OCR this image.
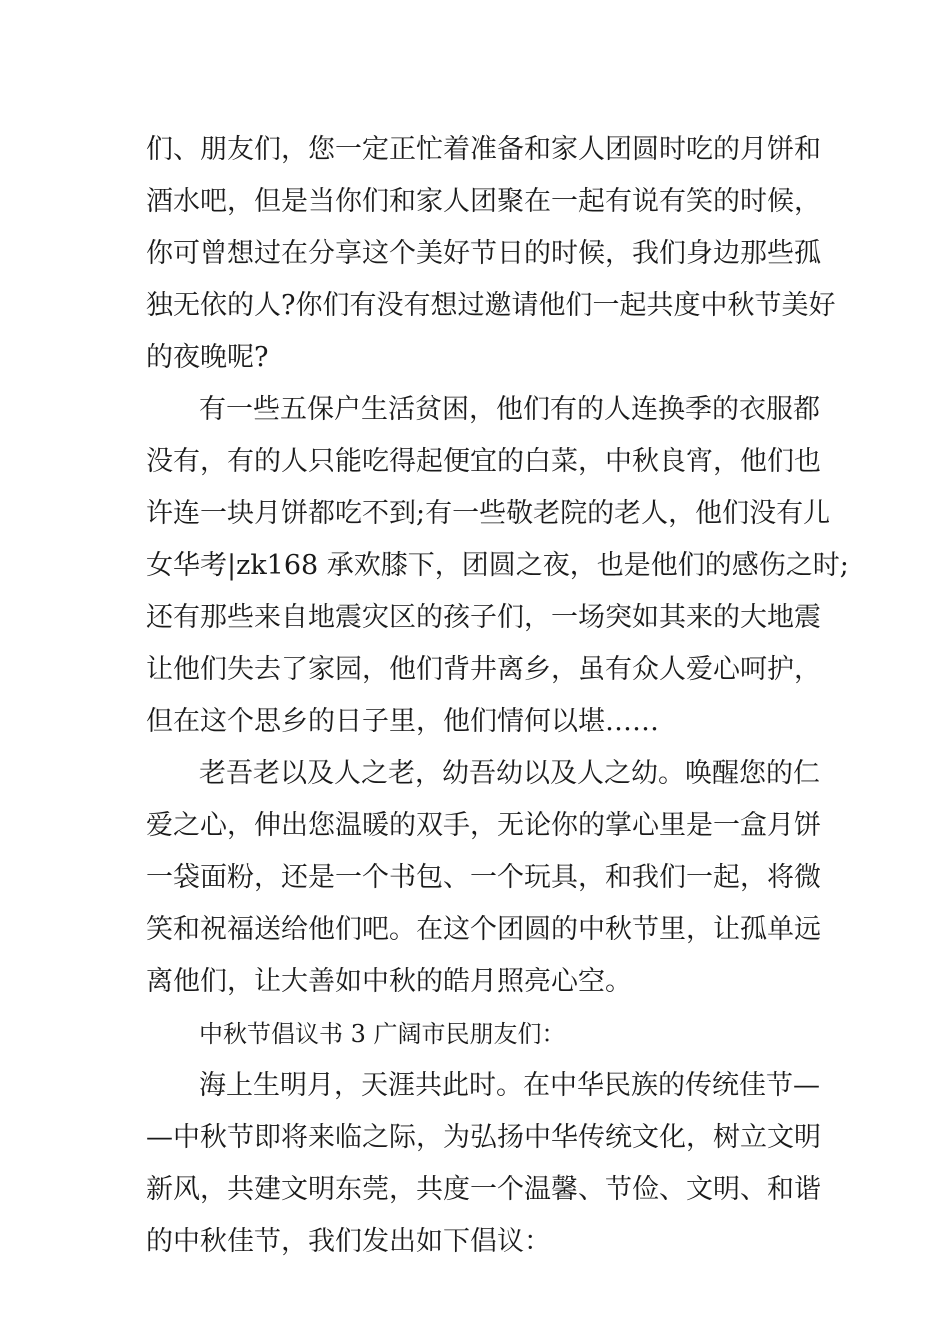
们、朋友们，您一定正忙着准备和家人团圆时吃的月饼和
酒水吧，但是当你们和家人团聚在一起有说有笑的时候，
你可曾想过在分享这个美好节日的时候，我们身边那些孤
独无依的人?你们有没有想过邀请他们一起共度中秋节美好
的夜晚呢?
有一些五保户生活贫困，他们有的人连换季的衣服都
没有，有的人只能吃得起便宜的白菜，中秋良宵，他们也
许连一块月饼都吃不到;有一些敬老院的老人，他们没有儿
女华考|zk168 承欢膝下，团圆之夜，也是他们的感伤之时;
还有那些来自地震灾区的孩子们，一场突如其来的大地震
让他们失去了家园，他们背井离乡，虽有众人爱心呵护，
但在这个思乡的日子里，他们情何以堪……
老吾老以及人之老，幼吾幼以及人之幼。唤醒您的仁
爱之心，伸出您温暖的双手，无论你的掌心里是一盒月饼
一袋面粉，还是一个书包、一个玩具，和我们一起，将微
笑和祝福送给他们吧。在这个团圆的中秋节里，让孤单远
离他们，让大善如中秋的皓月照亮心空。
中秋节倡议书 3 广阔市民朋友们：
海上生明月，天涯共此时。在中华民族的传统佳节—
—中秋节即将来临之际，为弘扬中华传统文化，树立文明
新风，共建文明东莞，共度一个温馨、节俭、文明、和谐
的中秋佳节，我们发出如下倡议：
